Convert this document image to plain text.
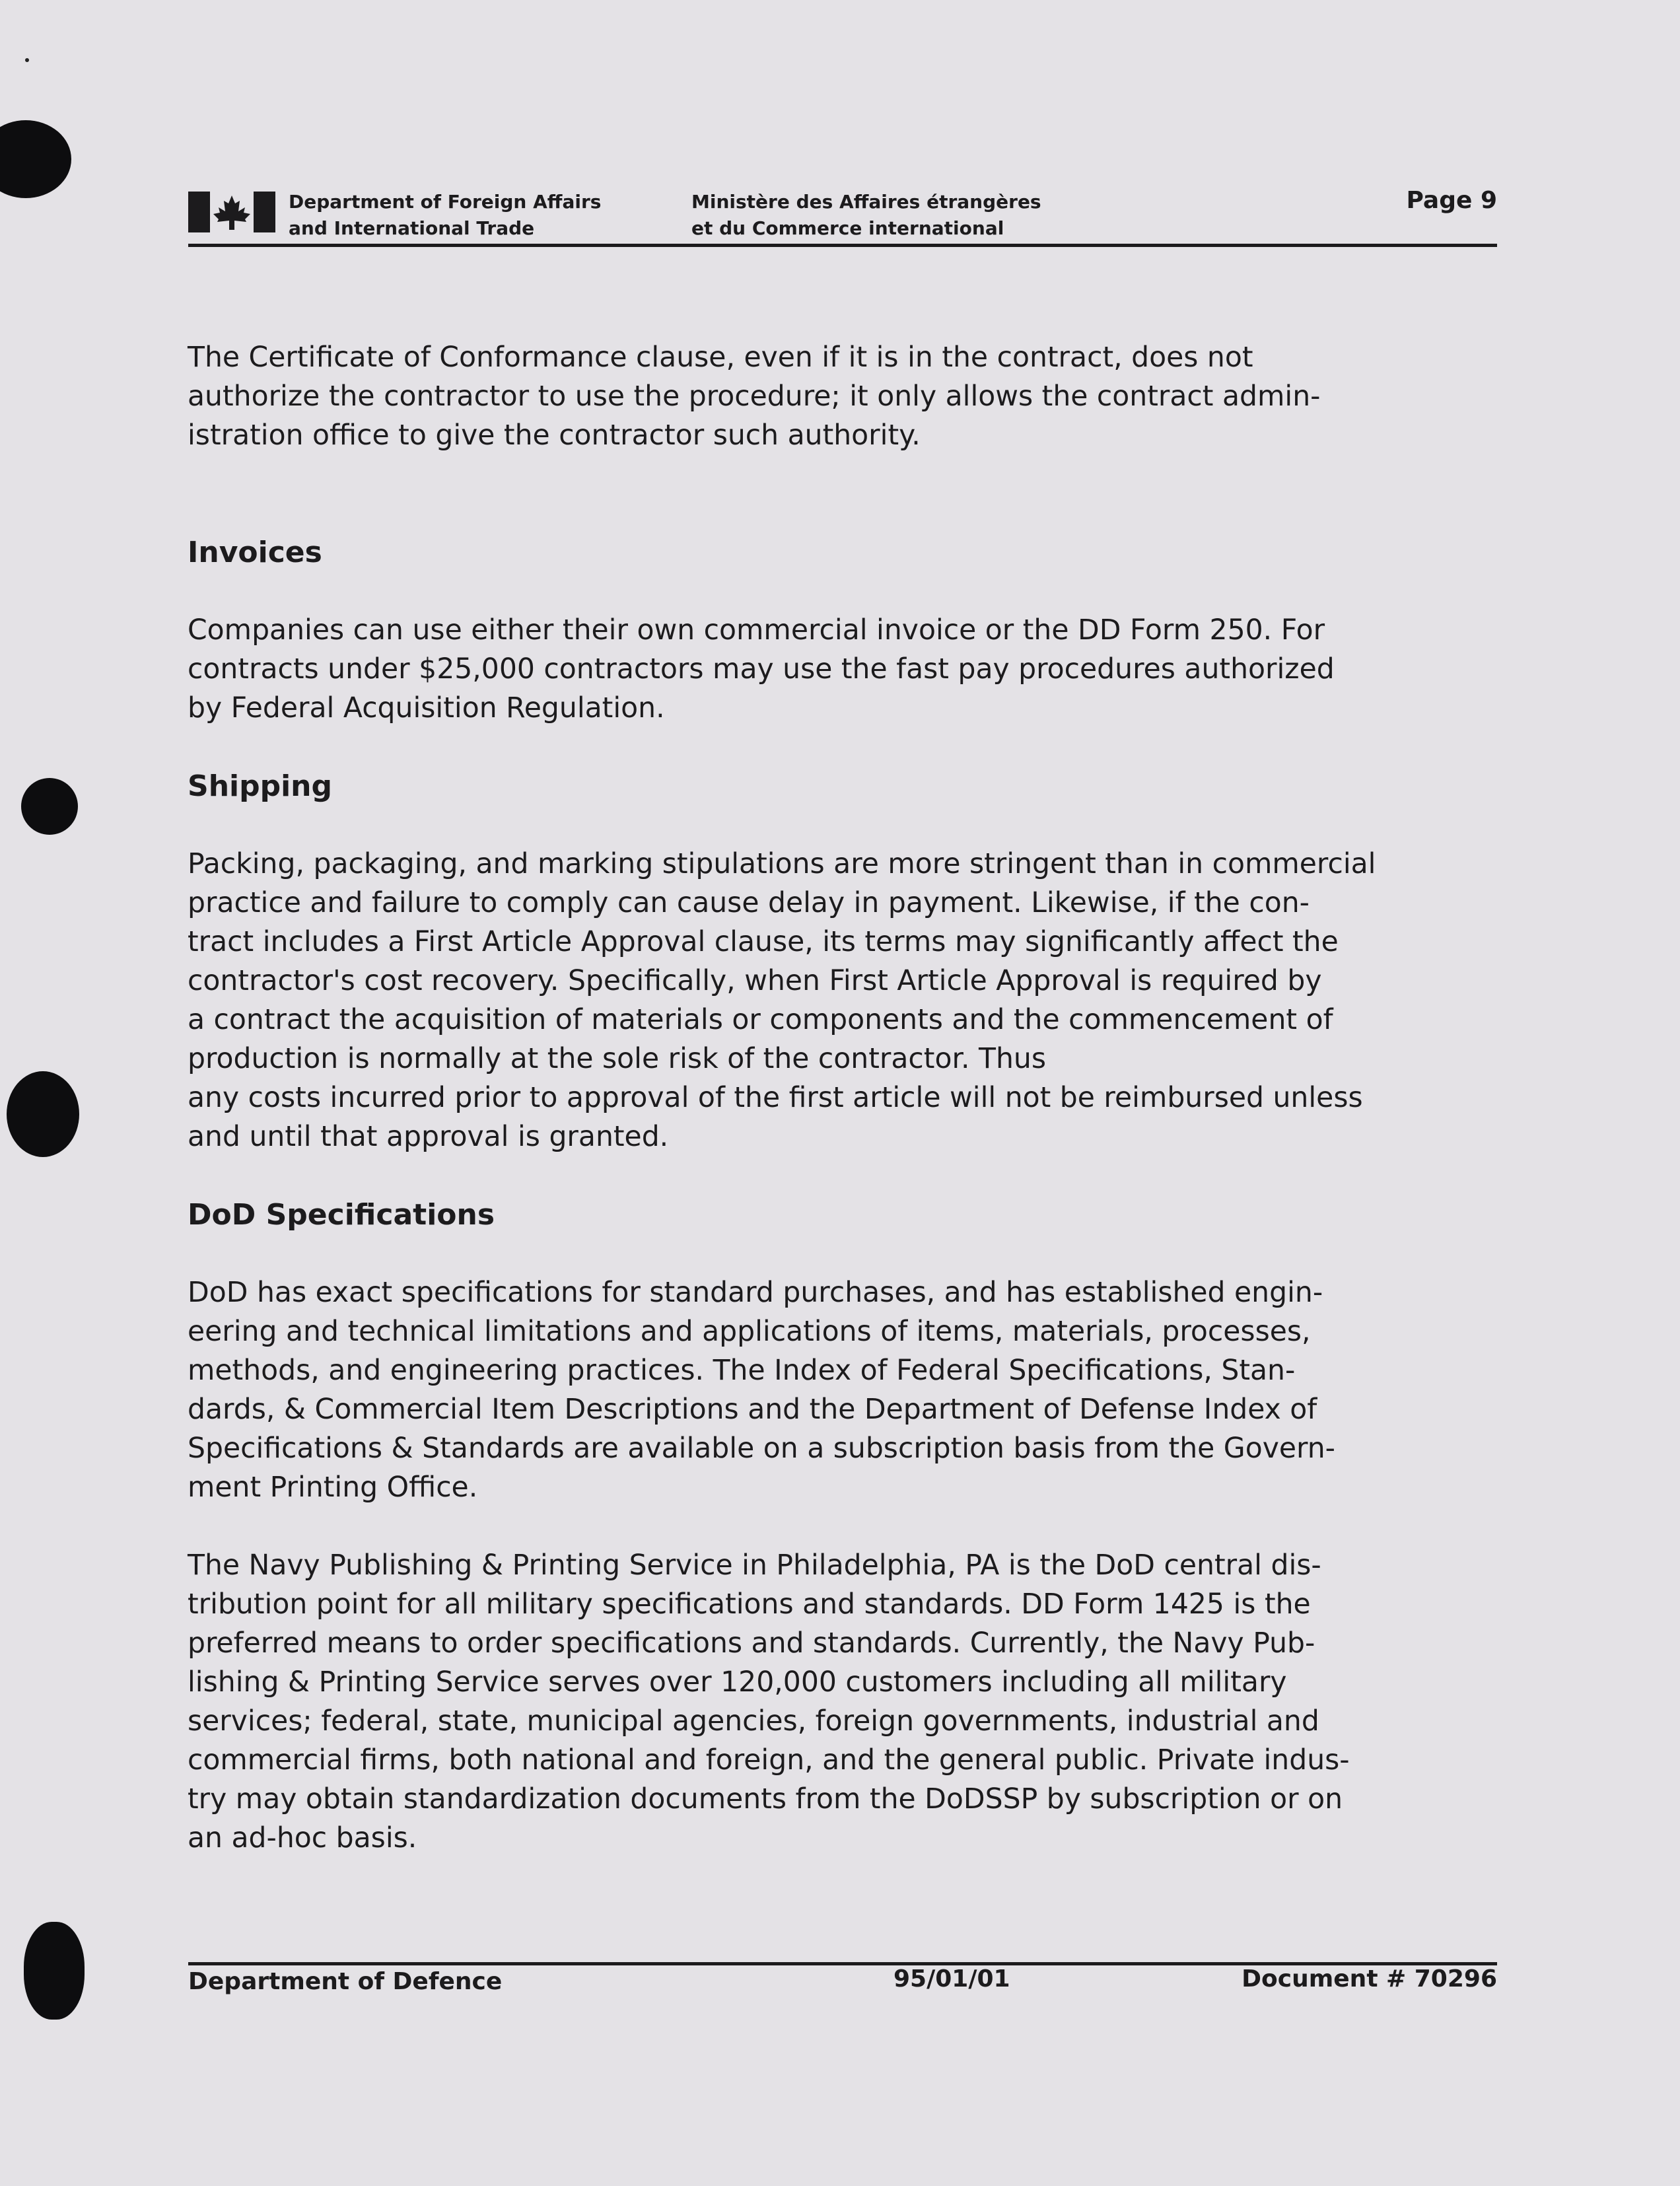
Department of Foreign Affairs
and International Trade
Ministère des Affaires étrangères
et du Commerce international
Page 9

The Certificate of Conformance clause, even if it is in the contract, does not
authorize the contractor to use the procedure; it only allows the contract admin-
istration office to give the contractor such authority.

Invoices

Companies can use either their own commercial invoice or the DD Form 250. For
contracts under $25,000 contractors may use the fast pay procedures authorized
by Federal Acquisition Regulation.

Shipping

Packing, packaging, and marking stipulations are more stringent than in commercial
practice and failure to comply can cause delay in payment. Likewise, if the con-
tract includes a First Article Approval clause, its terms may significantly affect the
contractor's cost recovery. Specifically, when First Article Approval is required by
a contract the acquisition of materials or components and the commencement of
production is normally at the sole risk of the contractor. Thus
any costs incurred prior to approval of the first article will not be reimbursed unless
and until that approval is granted.

DoD Specifications

DoD has exact specifications for standard purchases, and has established engin-
eering and technical limitations and applications of items, materials, processes,
methods, and engineering practices. The Index of Federal Specifications, Stan-
dards, & Commercial Item Descriptions and the Department of Defense Index of
Specifications & Standards are available on a subscription basis from the Govern-
ment Printing Office.

The Navy Publishing & Printing Service in Philadelphia, PA is the DoD central dis-
tribution point for all military specifications and standards. DD Form 1425 is the
preferred means to order specifications and standards. Currently, the Navy Pub-
lishing & Printing Service serves over 120,000 customers including all military
services; federal, state, municipal agencies, foreign governments, industrial and
commercial firms, both national and foreign, and the general public. Private indus-
try may obtain standardization documents from the DoDSSP by subscription or on
an ad-hoc basis.

Department of Defence	95/01/01	Document # 70296
